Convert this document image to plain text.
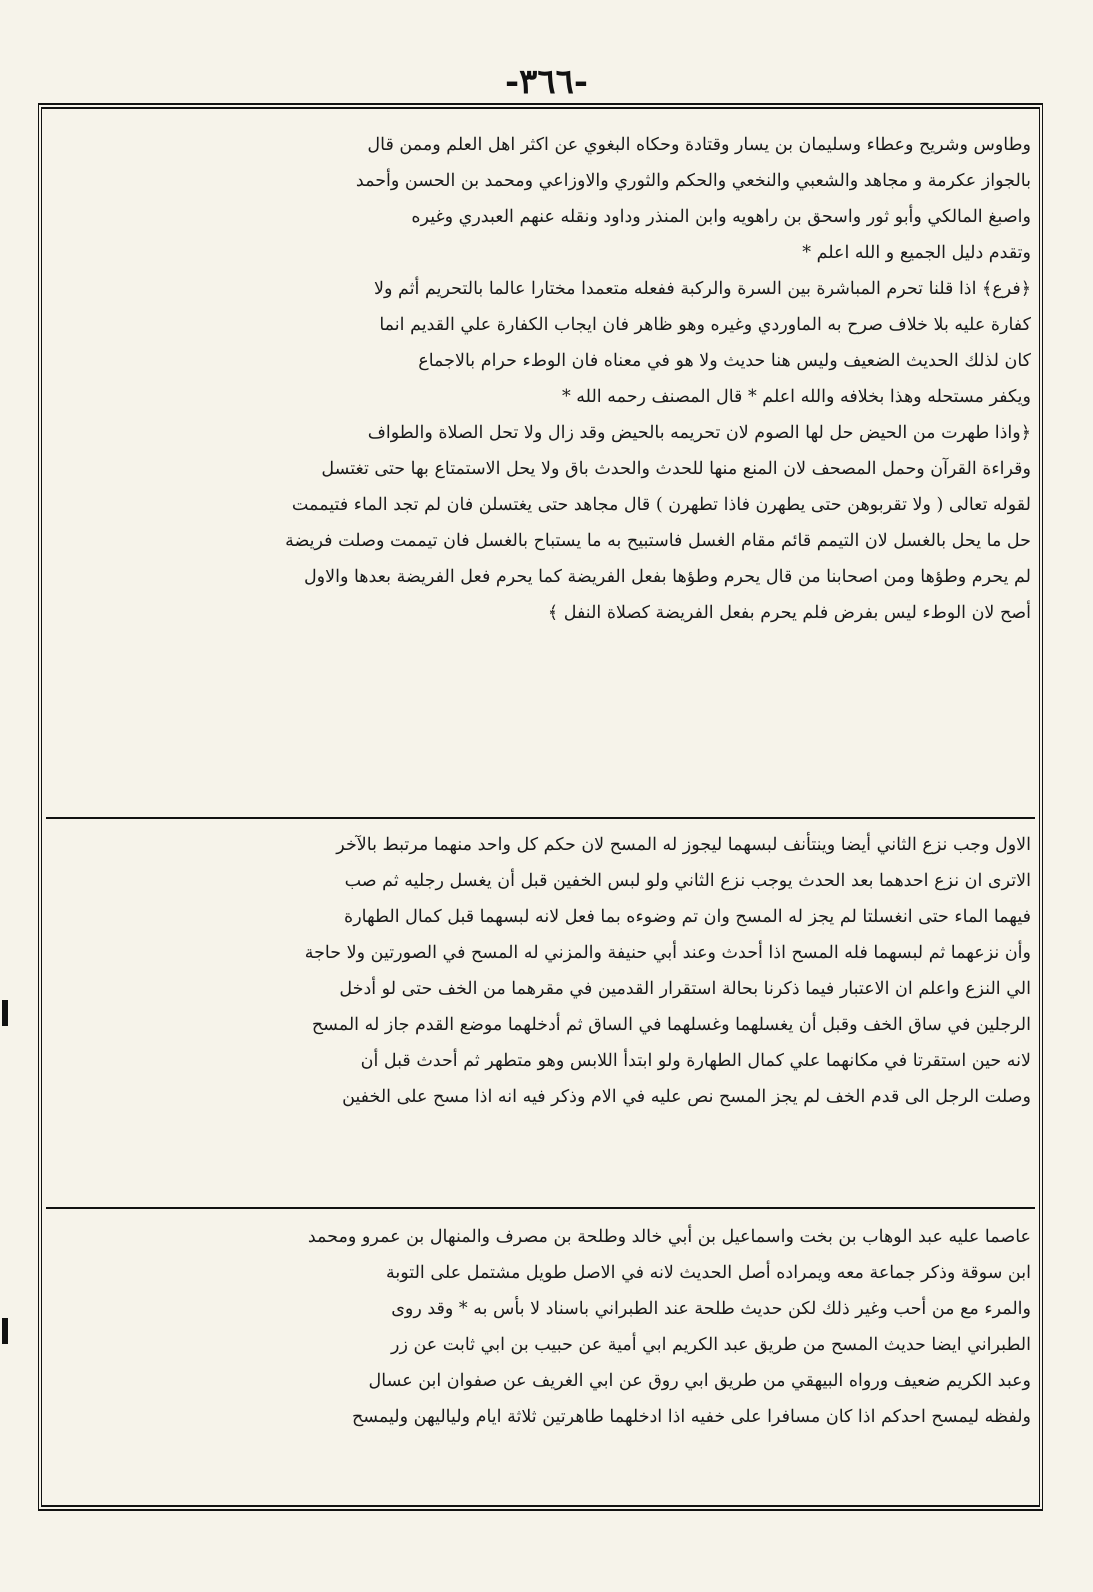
-٣٦٦-
وطاوس وشريح وعطاء وسليمان بن يسار وقتادة وحكاه البغوي عن اكثر اهل العلم وممن قال
بالجواز عكرمة و مجاهد والشعبي والنخعي والحكم والثوري والاوزاعي ومحمد بن الحسن وأحمد
واصبغ المالكي وأبو ثور واسحق بن راهويه وابن المنذر وداود ونقله عنهم العبدري وغيره
وتقدم دليل الجميع و الله اعلم *
﴿فرع﴾ اذا قلنا تحرم المباشرة بين السرة والركبة ففعله متعمدا مختارا عالما بالتحريم أثم ولا
كفارة عليه بلا خلاف صرح به الماوردي وغيره وهو ظاهر فان ايجاب الكفارة علي القديم انما
كان لذلك الحديث الضعيف وليس هنا حديث ولا هو في معناه فان الوطء حرام بالاجماع
ويكفر مستحله وهذا بخلافه والله اعلم * قال المصنف رحمه الله *
﴿واذا طهرت من الحيض حل لها الصوم لان تحريمه بالحيض وقد زال ولا تحل الصلاة والطواف
وقراءة القرآن وحمل المصحف لان المنع منها للحدث والحدث باق ولا يحل الاستمتاع بها حتى تغتسل
لقوله تعالى ( ولا تقربوهن حتى يطهرن فاذا تطهرن ) قال مجاهد حتى يغتسلن فان لم تجد الماء فتيممت
حل ما يحل بالغسل لان التيمم قائم مقام الغسل فاستبيح به ما يستباح بالغسل فان تيممت وصلت فريضة
لم يحرم وطؤها ومن اصحابنا من قال يحرم وطؤها بفعل الفريضة كما يحرم فعل الفريضة بعدها والاول
أصح لان الوطء ليس بفرض فلم يحرم بفعل الفريضة كصلاة النفل ﴾
الاول وجب نزع الثاني أيضا وينتأنف لبسهما ليجوز له المسح لان حكم كل واحد منهما مرتبط بالآخر
الاترى ان نزع احدهما بعد الحدث يوجب نزع الثاني ولو لبس الخفين قبل أن يغسل رجليه ثم صب
فيهما الماء حتى انغسلتا لم يجز له المسح وان تم وضوءه بما فعل لانه لبسهما قبل كمال الطهارة
وأن نزعهما ثم لبسهما فله المسح اذا أحدث وعند أبي حنيفة والمزني له المسح في الصورتين ولا حاجة
الي النزع واعلم ان الاعتبار فيما ذكرنا بحالة استقرار القدمين في مقرهما من الخف حتى لو أدخل
الرجلين في ساق الخف وقبل أن يغسلهما وغسلهما في الساق ثم أدخلهما موضع القدم جاز له المسح
لانه حين استقرتا في مكانهما علي كمال الطهارة ولو ابتدأ اللابس وهو متطهر ثم أحدث قبل أن
وصلت الرجل الى قدم الخف لم يجز المسح نص عليه في الام وذكر فيه انه اذا مسح على الخفين
عاصما عليه عبد الوهاب بن بخت واسماعيل بن أبي خالد وطلحة بن مصرف والمنهال بن عمرو ومحمد
ابن سوقة وذكر جماعة معه ويمراده أصل الحديث لانه في الاصل طويل مشتمل على التوبة
والمرء مع من أحب وغير ذلك لكن حديث طلحة عند الطبراني باسناد لا بأس به * وقد روى
الطبراني ايضا حديث المسح من طريق عبد الكريم ابي أمية عن حبيب بن ابي ثابت عن زر
وعبد الكريم ضعيف ورواه البيهقي من طريق ابي روق عن ابي الغريف عن صفوان ابن عسال
ولفظه ليمسح احدكم اذا كان مسافرا على خفيه اذا ادخلهما طاهرتين ثلاثة ايام ولياليهن وليمسح
